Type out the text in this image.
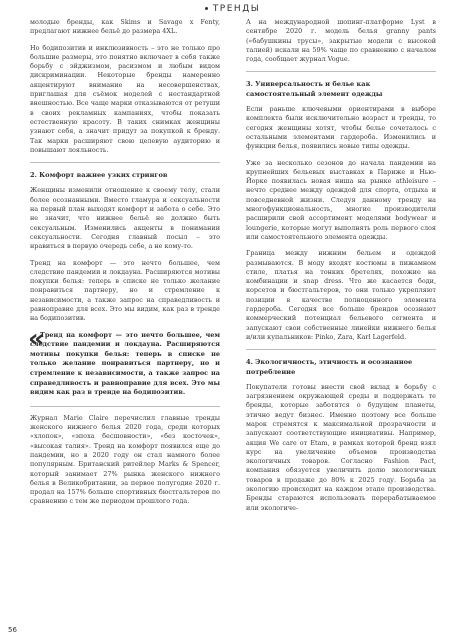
ТРЕНДЫ

молодые бренды, как Skims и Savage x Fenty, предлагают нижнее бельё до размера 4XL.

Но бодипозитив и инклюзивность – это не только про большие размеры, это понятно включает в себя также борьбу с эйджизмом, расизмом и любым видом дискриминации. Некоторые бренды намеренно акцентируют внимание на несовершенствах, приглашая для съёмок моделей с нестандартной внешностью. Все чаще марки отказываются от ретуши в своих рекламных кампаниях, чтобы показать естественную красоту. В таких снимках женщины узнают себя, а значит придут за покупкой к бренду. Так марки расширяют свою целевую аудиторию и повышают лояльность.

2. Комфорт важнее узких стрингов

Женщины изменили отношение к своему телу, стали более осознанными. Вместо гламура и сексуальности на первый план выходят комфорт и забота о себе. Это не значит, что нижнее бельё не должно быть сексуальным. Изменились акценты в понимании сексуальности. Сегодня главный посыл – это нравиться в первую очередь себе, а не кому-то.

Тренд на комфорт — это нечто большее, чем следствие пандемии и локдауна. Расширяются мотивы покупки белья: теперь в списке не только желание понравиться партнеру, но и стремление к независимости, а также запрос на справедливость и равноправие для всех. Это мы видим, как раз в тренде на бодипозитив.

«

Тренд на комфорт — это нечто большее, чем следствие пандемии и локдауна. Расширяются мотивы покупки белья: теперь в списке не только желание понравиться партнеру, но и стремление к независимости, а также запрос на справедливость и равноправие для всех. Это мы видим как раз в тренде на бодипозитив.

Журнал Marie Claire перечислил главные тренды женского нижнего белья 2020 года, среди которых «хлопок», «эпоха бесшовности», «без косточек», «высокая талия». Тренд на комфорт появился еще до пандемии, но в 2020 году он стал намного более популярным. Британский ритейлер Marks & Spencer, который занимает 27% рынка женского нижнего белья в Великобритании, за первое полугодие 2020 г. продал на 157% больше спортивных бюстгальтеров по сравнению с тем же периодом прошлого года.

А на международной шопинг-платформе Lyst в сентябре 2020 г. модель белья granny pants («бабушкины трусы», закрытые модели с высокой талией) искали на 59% чаще по сравнению с началом года, сообщает журнал Vogue.

3. Универсальность и белье как самостоятельный элемент одежды

Если раньше ключевыми ориентирами в выборе комплекта были исключительно возраст и тренды, то сегодня женщины хотят, чтобы белье сочеталось с остальными элементами гардероба. Изменились и функции белья, появились новые типы одежды.

Уже за несколько сезонов до начала пандемии на крупнейших бельевых выставках в Париже и Нью-Йорке появилась новая ниша на рынке athleisure – нечто среднее между одеждой для спорта, отдыха и повседневной жизни. Следуя данному тренду на многофункциональность, многие производители расширили свой ассортимент моделями bodywear и loungerie, которые могут выполнять роль первого слоя или самостоятельного элемента одежды.

Граница между нижним бельем и одеждой размываются. В моду входят костюмы в пижамном стиле, платья на тонких бретелях, похожие на комбинации и snap dress. Что же касается боди, корсетов и бюстгальтеров, то они только укрепляют позиции в качестве полноценного элемента гардероба. Сегодня все больше брендов осознают коммерческий потенциал бельевого сегмента и запускают свои собственные линейки нижнего белья и/или купальников: Pinko, Zara, Karl Lagerfeld.

4. Экологичность, этичность и осознанное потребление

Покупатели готовы внести свой вклад в борьбу с загрязнением окружающей среды и поддержать те бренды, которые заботятся о будущем планеты, этично ведут бизнес. Именно поэтому все больше марок стремятся к максимальной прозрачности и запускают соответствующие инициативы. Например, акция We care от Etam, в рамках которой бренд взял курс на увеличение объемов производства экологичных товаров. Согласно Fashion Pact, компания обязуется увеличить долю экологичных товаров в продаже до 80% к 2025 году. Борьба за экологию происходит на каждом этапе производства. Бренды стараются использовать перерабатываемое или экологиче-

56
